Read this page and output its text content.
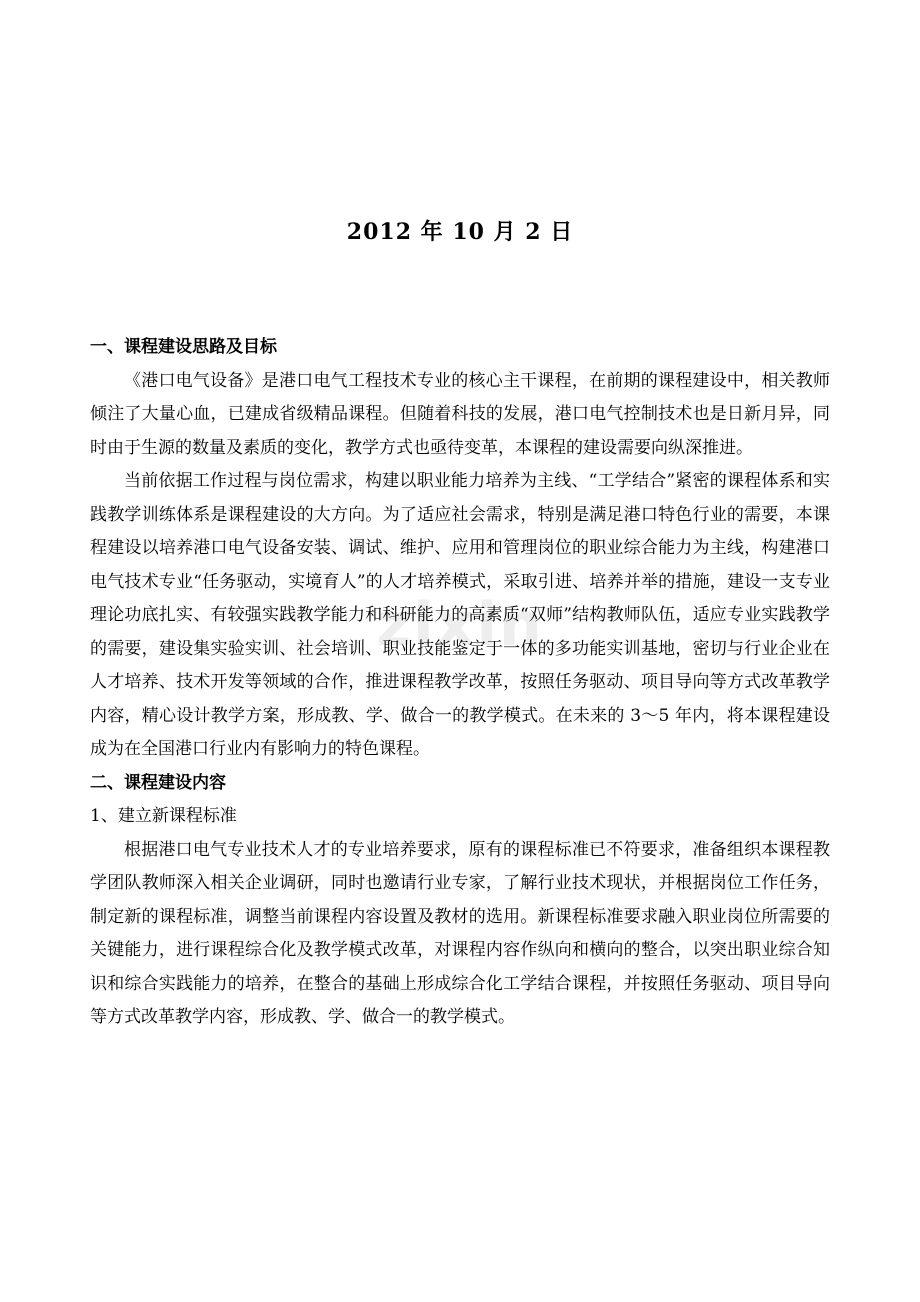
zixin
2012 年 10 月 2 日

一、课程建设思路及目标

《港口电气设备》是港口电气工程技术专业的核心主干课程，在前期的课程建设中，相关教师倾注了大量心血，已建成省级精品课程。但随着科技的发展，港口电气控制技术也是日新月异，同时由于生源的数量及素质的变化，教学方式也亟待变革，本课程的建设需要向纵深推进。

当前依据工作过程与岗位需求，构建以职业能力培养为主线、“工学结合”紧密的课程体系和实践教学训练体系是课程建设的大方向。为了适应社会需求，特别是满足港口特色行业的需要，本课程建设以培养港口电气设备安装、调试、维护、应用和管理岗位的职业综合能力为主线，构建港口电气技术专业“任务驱动，实境育人”的人才培养模式，采取引进、培养并举的措施，建设一支专业理论功底扎实、有较强实践教学能力和科研能力的高素质“双师”结构教师队伍，适应专业实践教学的需要，建设集实验实训、社会培训、职业技能鉴定于一体的多功能实训基地，密切与行业企业在人才培养、技术开发等领域的合作，推进课程教学改革，按照任务驱动、项目导向等方式改革教学内容，精心设计教学方案，形成教、学、做合一的教学模式。在未来的 3～5 年内，将本课程建设成为在全国港口行业内有影响力的特色课程。

二、课程建设内容

1、建立新课程标准

根据港口电气专业技术人才的专业培养要求，原有的课程标准已不符要求，准备组织本课程教学团队教师深入相关企业调研，同时也邀请行业专家，了解行业技术现状，并根据岗位工作任务，制定新的课程标准，调整当前课程内容设置及教材的选用。新课程标准要求融入职业岗位所需要的关键能力，进行课程综合化及教学模式改革，对课程内容作纵向和横向的整合，以突出职业综合知识和综合实践能力的培养，在整合的基础上形成综合化工学结合课程，并按照任务驱动、项目导向等方式改革教学内容，形成教、学、做合一的教学模式。
